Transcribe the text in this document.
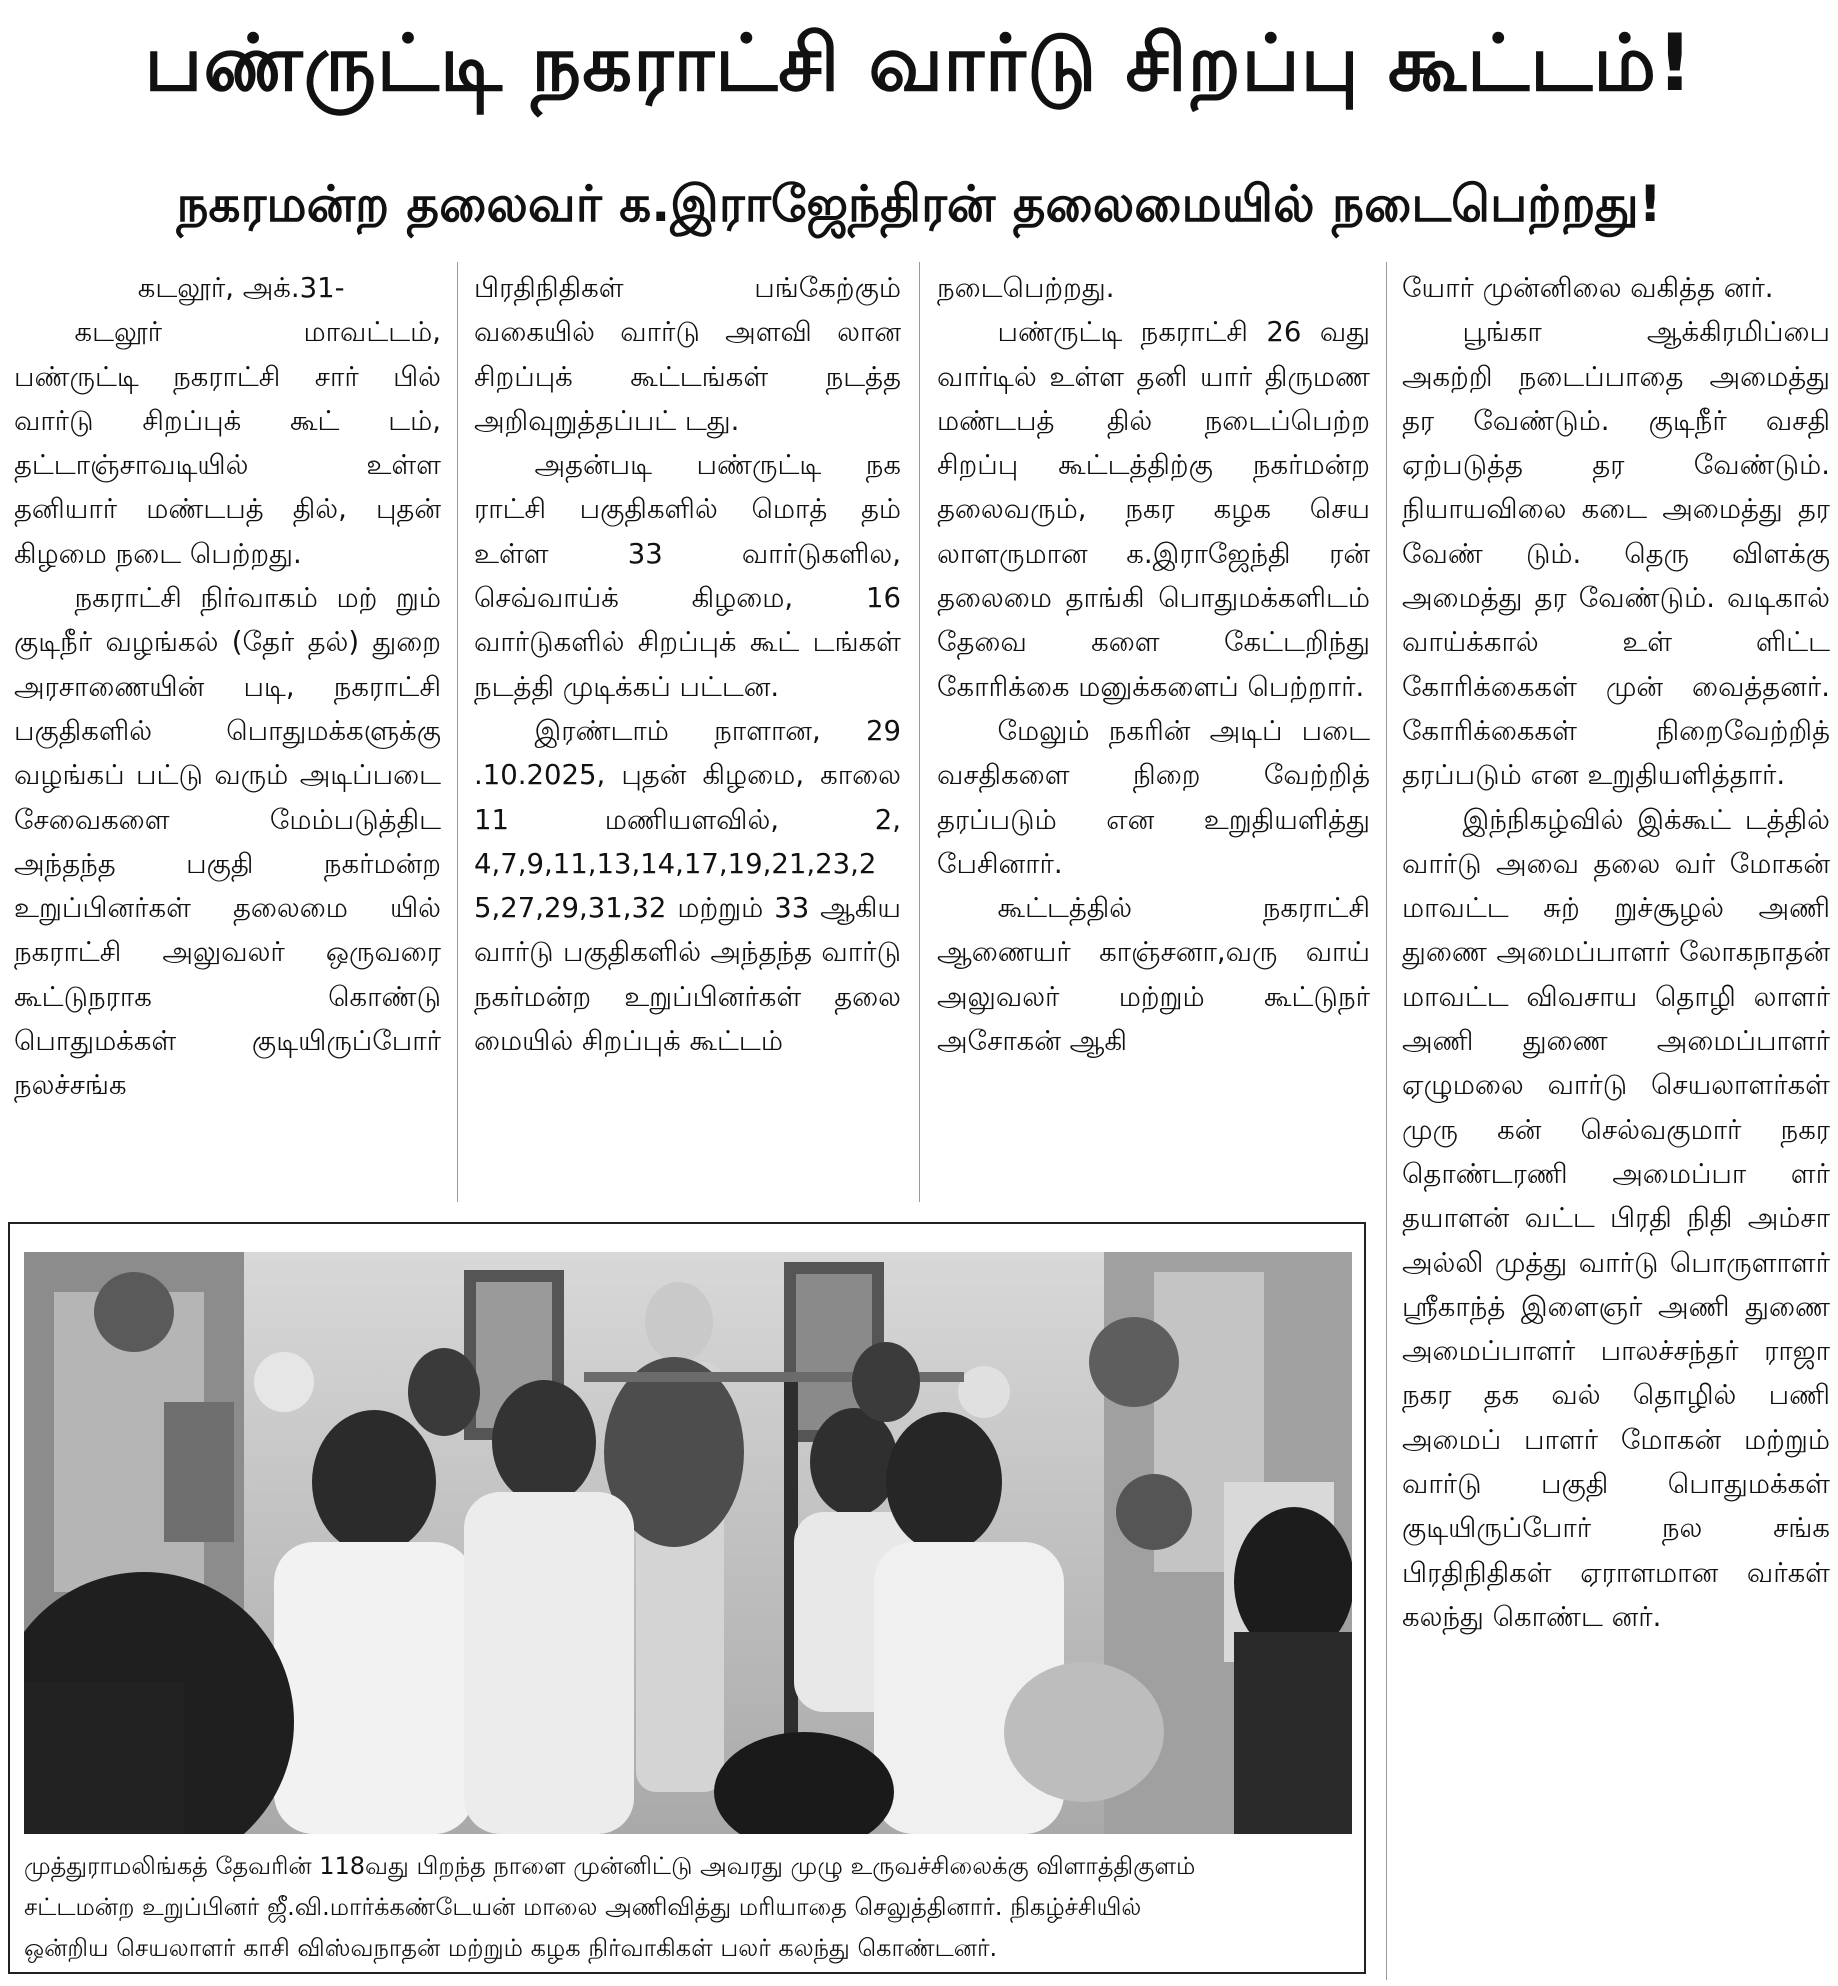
பண்ருட்டி நகராட்சி வார்டு சிறப்பு கூட்டம்!
நகரமன்ற தலைவர் க.இராஜேந்திரன் தலைமையில் நடைபெற்றது!

கடலூர், அக்.31-

கடலூர் மாவட்டம், பண்ருட்டி நகராட்சி சார் பில் வார்டு சிறப்புக் கூட் டம், தட்டாஞ்சாவடியில் உள்ள தனியார் மண்டபத் தில், புதன் கிழமை நடை பெற்றது.

நகராட்சி நிர்வாகம் மற் றும் குடிநீர் வழங்கல் (தேர் தல்) துறை அரசாணையின் படி, நகராட்சி பகுதிகளில் பொதுமக்களுக்கு வழங்கப் பட்டு வரும் அடிப்படை சேவைகளை மேம்படுத்திட அந்தந்த பகுதி நகர்மன்ற உறுப்பினர்கள் தலைமை யில் நகராட்சி அலுவலர் ஒருவரை கூட்டுநராக கொண்டு பொதுமக்கள் குடியிருப்போர் நலச்சங்க

பிரதிநிதிகள் பங்கேற்கும் வகையில் வார்டு அளவி லான சிறப்புக் கூட்டங்கள் நடத்த அறிவுறுத்தப்பட் டது.

அதன்படி பண்ருட்டி நக ராட்சி பகுதிகளில் மொத் தம் உள்ள 33 வார்டுகளில, செவ்வாய்க் கிழமை, 16 வார்டுகளில் சிறப்புக் கூட் டங்கள் நடத்தி முடிக்கப் பட்டன.

இரண்டாம் நாளான, 29 .10.2025, புதன் கிழமை, காலை 11 மணியளவில், 2, 4,7,9,11,13,14,17,19,21,23,2 5,27,29,31,32 மற்றும் 33 ஆகிய வார்டு பகுதிகளில் அந்தந்த வார்டு நகர்மன்ற உறுப்பினர்கள் தலை மையில் சிறப்புக் கூட்டம்

நடைபெற்றது.

பண்ருட்டி நகராட்சி 26 வது வார்டில் உள்ள தனி யார் திருமண மண்டபத் தில் நடைப்பெற்ற சிறப்பு கூட்டத்திற்கு நகர்மன்ற தலைவரும், நகர கழக செய லாளருமான க.இராஜேந்தி ரன் தலைமை தாங்கி பொதுமக்களிடம் தேவை களை கேட்டறிந்து கோரிக்கை மனுக்களைப் பெற்றார்.

மேலும் நகரின் அடிப் படை வசதிகளை நிறை வேற்றித் தரப்படும் என உறுதியளித்து பேசினார்.

கூட்டத்தில் நகராட்சி ஆணையர் காஞ்சனா,வரு வாய் அலுவலர் மற்றும் கூட்டுநர் அசோகன் ஆகி

யோர் முன்னிலை வகித்த னர்.

பூங்கா ஆக்கிரமிப்பை அகற்றி நடைப்பாதை அமைத்து தர வேண்டும். குடிநீர் வசதி ஏற்படுத்த தர வேண்டும். நியாயவிலை கடை அமைத்து தர வேண் டும். தெரு விளக்கு அமைத்து தர வேண்டும். வடிகால் வாய்க்கால் உள் ளிட்ட கோரிக்கைகள் முன் வைத்தனர். கோரிக்கைகள் நிறைவேற்றித் தரப்படும் என உறுதியளித்தார்.

இந்நிகழ்வில் இக்கூட் டத்தில் வார்டு அவை தலை வர் மோகன் மாவட்ட சுற் றுச்சூழல் அணி துணை அமைப்பாளர் லோகநாதன் மாவட்ட விவசாய தொழி லாளர் அணி துணை அமைப்பாளர் ஏழுமலை வார்டு செயலாளர்கள் முரு கன் செல்வகுமார் நகர தொண்டரணி அமைப்பா ளர் தயாளன் வட்ட பிரதி நிதி அம்சா அல்லி முத்து வார்டு பொருளாளர் ஸ்ரீகாந்த் இளைஞர் அணி துணை அமைப்பாளர் பாலச்சந்தர் ராஜா நகர தக வல் தொழில் பணி அமைப் பாளர் மோகன் மற்றும் வார்டு பகுதி பொதுமக்கள் குடியிருப்போர் நல சங்க பிரதிநிதிகள் ஏராளமான வர்கள் கலந்து கொண்ட னர்.

முத்துராமலிங்கத் தேவரின் 118வது பிறந்த நாளை முன்னிட்டு அவரது முழு உருவச்சிலைக்கு விளாத்திகுளம்
சட்டமன்ற உறுப்பினர் ஜீ.வி.மார்க்கண்டேயன் மாலை அணிவித்து மரியாதை செலுத்தினார். நிகழ்ச்சியில்
ஒன்றிய செயலாளர் காசி விஸ்வநாதன் மற்றும் கழக நிர்வாகிகள் பலர் கலந்து கொண்டனர்.
